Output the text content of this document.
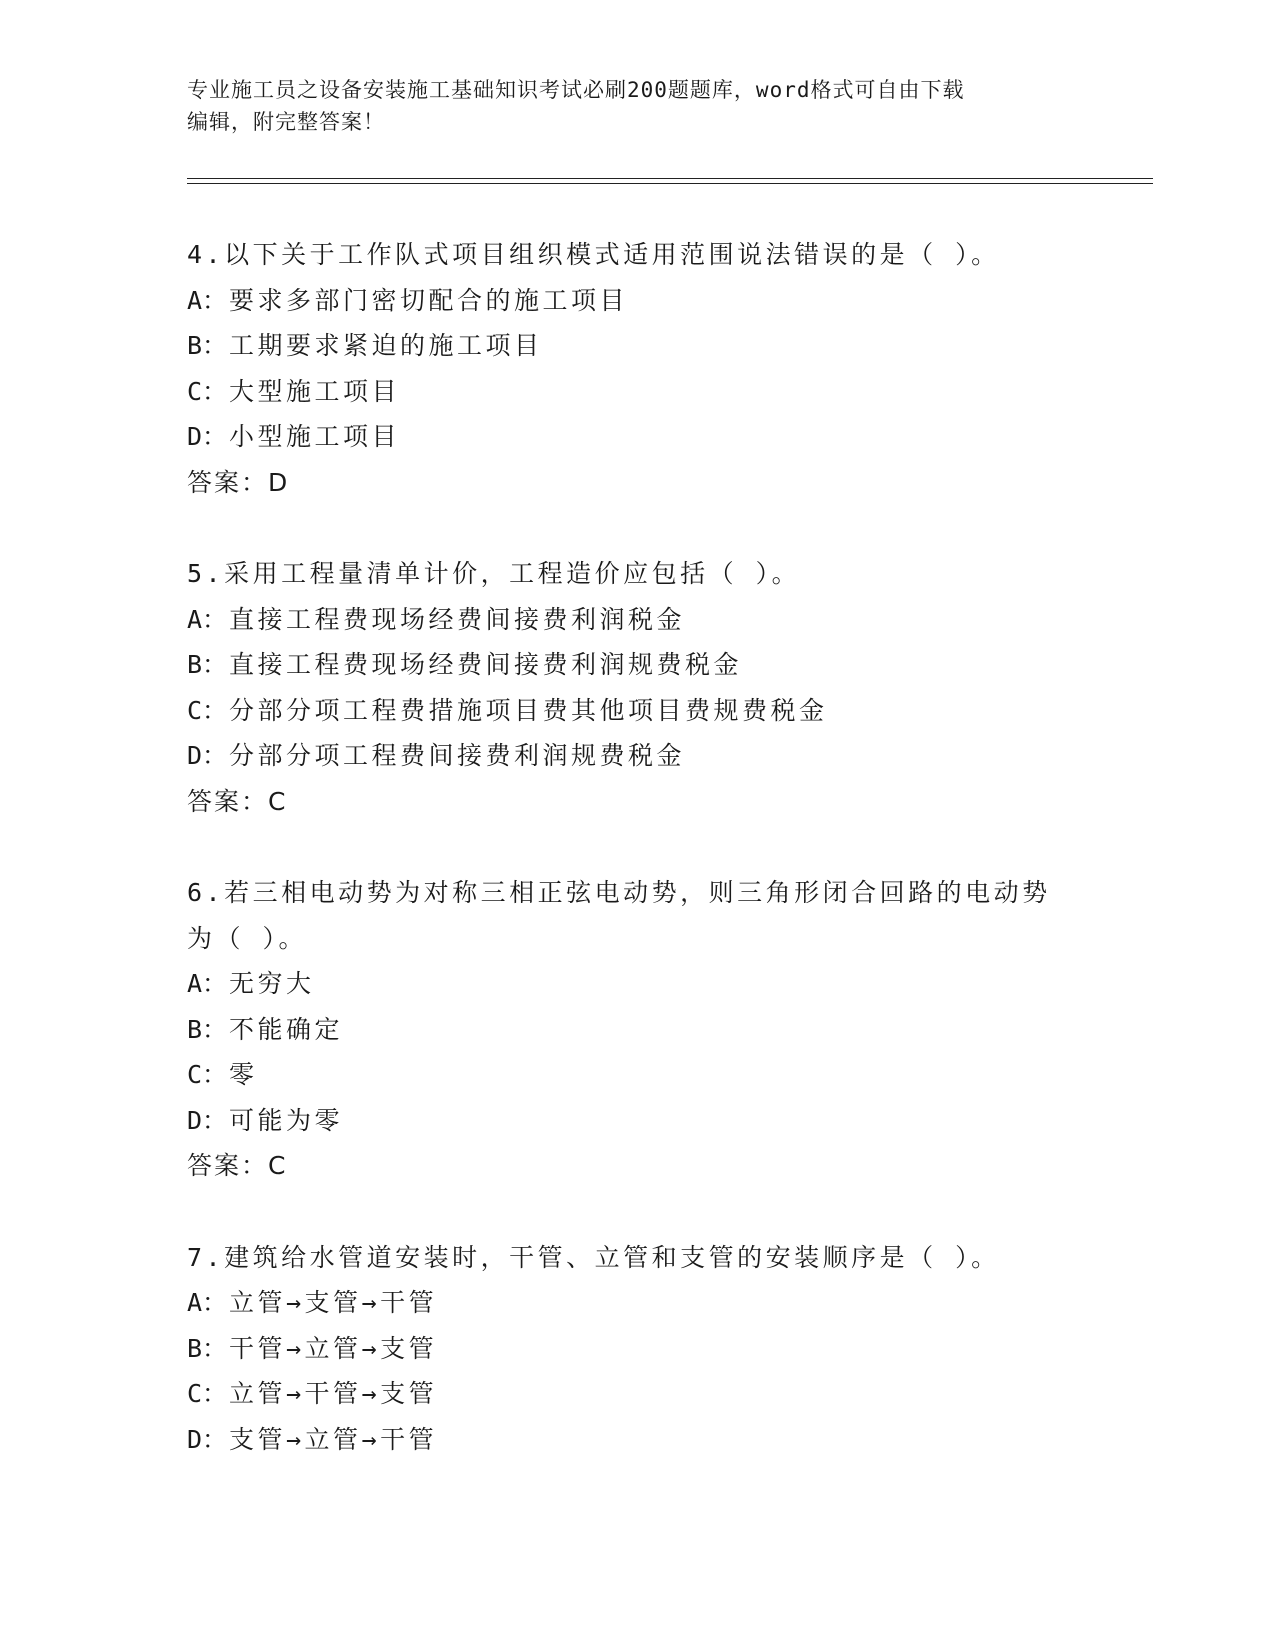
专业施工员之设备安装施工基础知识考试必刷200题题库，word格式可自由下载
编辑，附完整答案！
4.以下关于工作队式项目组织模式适用范围说法错误的是（ ）。
A：要求多部门密切配合的施工项目
B：工期要求紧迫的施工项目
C：大型施工项目
D：小型施工项目
答案：D
5.采用工程量清单计价，工程造价应包括（ ）。
A：直接工程费现场经费间接费利润税金
B：直接工程费现场经费间接费利润规费税金
C：分部分项工程费措施项目费其他项目费规费税金
D：分部分项工程费间接费利润规费税金
答案：C
6.若三相电动势为对称三相正弦电动势，则三角形闭合回路的电动势
为（ ）。
A：无穷大
B：不能确定
C：零
D：可能为零
答案：C
7.建筑给水管道安装时，干管、立管和支管的安装顺序是（ ）。
A：立管→支管→干管
B：干管→立管→支管
C：立管→干管→支管
D：支管→立管→干管
